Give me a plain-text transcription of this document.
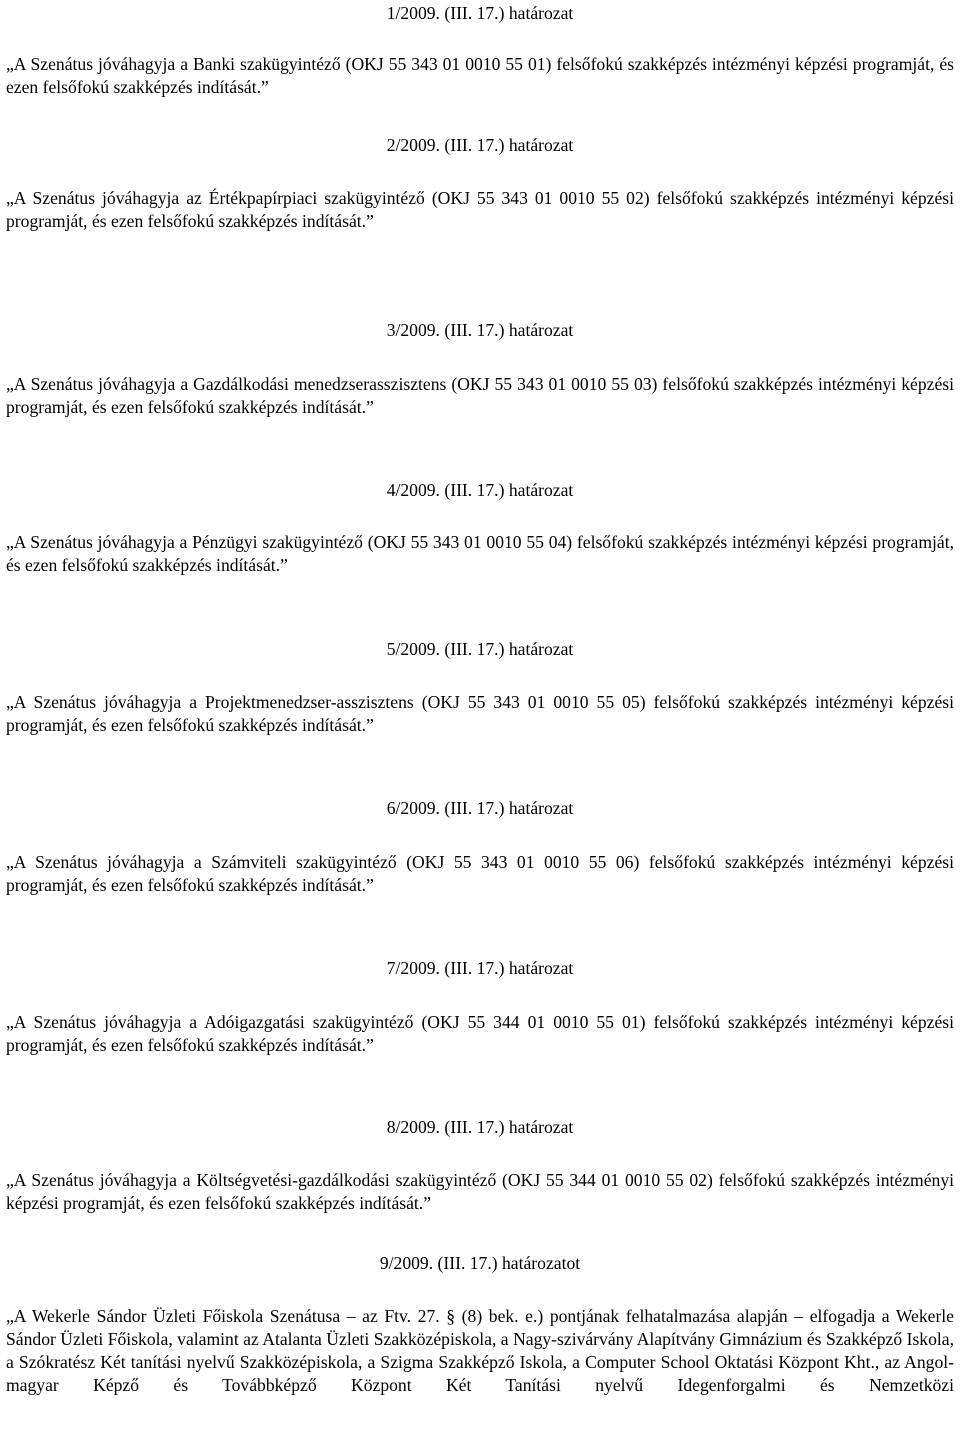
1/2009. (III. 17.) határozat

„A Szenátus jóváhagyja a Banki szakügyintéző (OKJ 55 343 01 0010 55 01) felsőfokú szakképzés intézményi képzési programját, és ezen felsőfokú szakképzés indítását.”

2/2009. (III. 17.) határozat

„A Szenátus jóváhagyja az Értékpapírpiaci szakügyintéző (OKJ 55 343 01 0010 55 02) felsőfokú szakképzés intézményi képzési programját, és ezen felsőfokú szakképzés indítását.”

3/2009. (III. 17.) határozat

„A Szenátus jóváhagyja a Gazdálkodási menedzserasszisztens (OKJ 55 343 01 0010 55 03) felsőfokú szakképzés intézményi képzési programját, és ezen felsőfokú szakképzés indítását.”

4/2009. (III. 17.) határozat

„A Szenátus jóváhagyja a Pénzügyi szakügyintéző (OKJ 55 343 01 0010 55 04) felsőfokú szakképzés intézményi képzési programját, és ezen felsőfokú szakképzés indítását.”

5/2009. (III. 17.) határozat

„A Szenátus jóváhagyja a Projektmenedzser-asszisztens (OKJ 55 343 01 0010 55 05) felsőfokú szakképzés intézményi képzési programját, és ezen felsőfokú szakképzés indítását.”

6/2009. (III. 17.) határozat

„A Szenátus jóváhagyja a Számviteli szakügyintéző (OKJ 55 343 01 0010 55 06) felsőfokú szakképzés intézményi képzési programját, és ezen felsőfokú szakképzés indítását.”

7/2009. (III. 17.) határozat

„A Szenátus jóváhagyja a Adóigazgatási szakügyintéző (OKJ 55 344 01 0010 55 01) felsőfokú szakképzés intézményi képzési programját, és ezen felsőfokú szakképzés indítását.”

8/2009. (III. 17.) határozat

„A Szenátus jóváhagyja a Költségvetési-gazdálkodási szakügyintéző (OKJ 55 344 01 0010 55 02) felsőfokú szakképzés intézményi képzési programját, és ezen felsőfokú szakképzés indítását.”

9/2009. (III. 17.) határozatot

„A Wekerle Sándor Üzleti Főiskola Szenátusa – az Ftv. 27. § (8) bek. e.) pontjának felhatalmazása alapján – elfogadja a Wekerle Sándor Üzleti Főiskola, valamint az Atalanta Üzleti Szakközépiskola, a Nagy-szivárvány Alapítvány Gimnázium és Szakképző Iskola, a Szókratész Két tanítási nyelvű Szakközépiskola, a Szigma Szakképző Iskola, a Computer School Oktatási Központ Kht., az Angol-magyar Képző és Továbbképző Központ Két Tanítási nyelvű Idegenforgalmi és Nemzetközi
